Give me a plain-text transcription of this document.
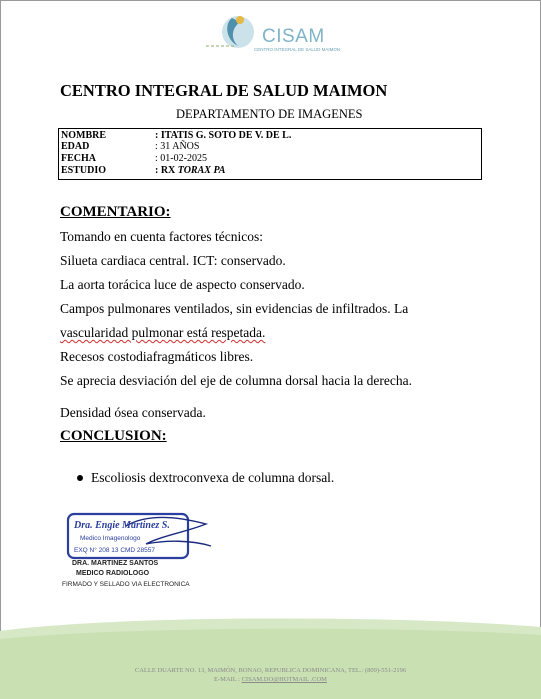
CISAM
CENTRO INTEGRAL DE SALUD MAIMON
CENTRO INTEGRAL DE SALUD MAIMON
DEPARTAMENTO DE IMAGENES
NOMBRE	: ITATIS G. SOTO DE V. DE L.
EDAD	: 31 AÑOS
FECHA	: 01-02-2025
ESTUDIO	: RX TORAX PA
COMENTARIO:
Tomando en cuenta factores técnicos:
Silueta cardiaca central. ICT: conservado.
La aorta torácica luce de aspecto conservado.
Campos pulmonares ventilados, sin evidencias de infiltrados. La
vascularidad pulmonar está respetada.
Recesos costodiafragmáticos libres.
Se aprecia desviación del eje de columna dorsal hacia la derecha.
Densidad ósea conservada.
CONCLUSION:
Escoliosis dextroconvexa de columna dorsal.
Dra. Engie Martinez S.
Medico Imagenologo
EXQ N° 208 13 CMD 28557
DRA. MARTINEZ SANTOS
MEDICO RADIOLOGO
FIRMADO Y SELLADO VIA ELECTRONICA
CALLE DUARTE NO. 13, MAIMÓN, BONAO, REPUBLICA DOMINICANA, TEL.: (809)-551-2196
E-MAIL : CISAM.DO@HOTMAIL .COM
